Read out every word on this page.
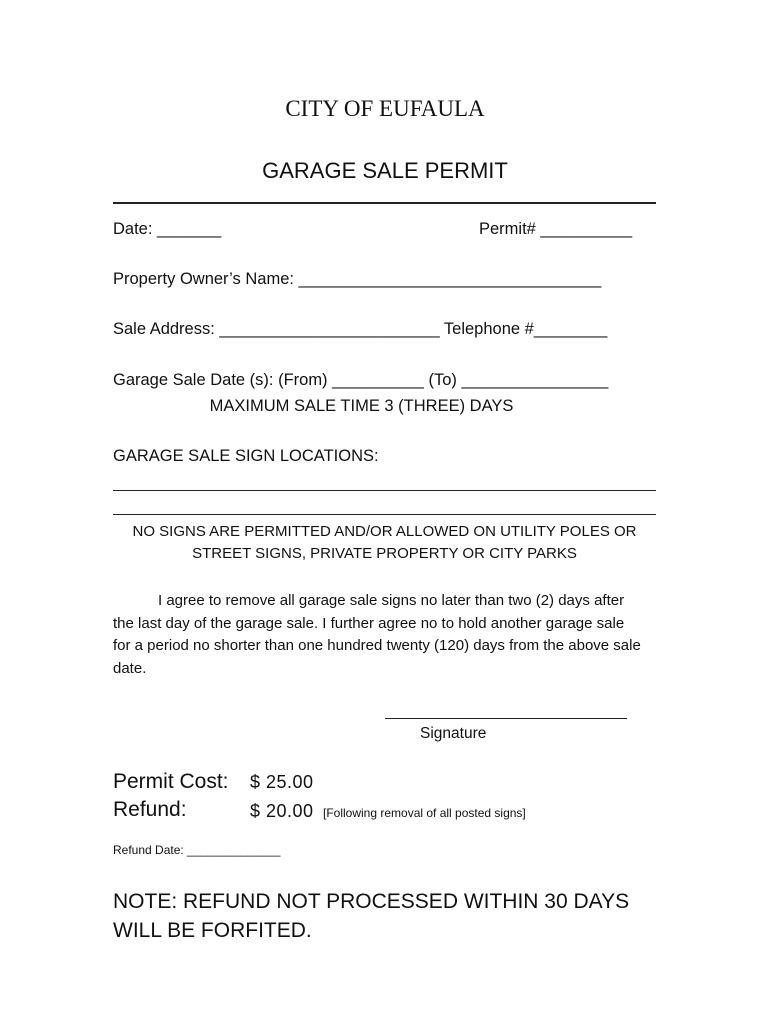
CITY OF EUFAULA
GARAGE SALE PERMIT
Date: _______	Permit# __________
Property Owner’s Name: _________________________________
Sale Address: ________________________ Telephone #________
Garage Sale Date (s): (From) __________ (To) ________________
MAXIMUM SALE TIME 3 (THREE) DAYS
GARAGE SALE SIGN LOCATIONS:
NO SIGNS ARE PERMITTED AND/OR ALLOWED ON UTILITY POLES OR
STREET SIGNS, PRIVATE PROPERTY OR CITY PARKS

I agree to remove all garage sale signs no later than two (2) days after the last day of the garage sale. I further agree no to hold another garage sale for a period no shorter than one hundred twenty (120) days from the above sale date.

Signature
Permit Cost: $ 25.00
Refund:	$ 20.00 [Following removal of all posted signs]
Refund Date: ______________
NOTE: REFUND NOT PROCESSED WITHIN 30 DAYS
WILL BE FORFITED.
